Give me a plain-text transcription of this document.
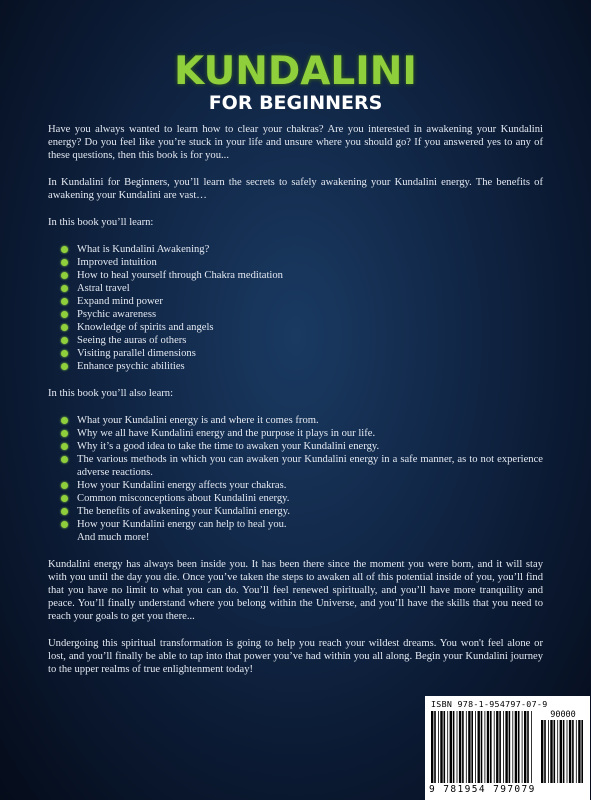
KUNDALINI
FOR BEGINNERS

Have you always wanted to learn how to clear your chakras? Are you interested in awakening your Kundalini energy? Do you feel like you’re stuck in your life and unsure where you should go? If you answered yes to any of these questions, then this book is for you...

In Kundalini for Beginners, you’ll learn the secrets to safely awakening your Kundalini energy. The benefits of awakening your Kundalini are vast…

In this book you’ll learn:

What is Kundalini Awakening?
Improved intuition
How to heal yourself through Chakra meditation
Astral travel
Expand mind power
Psychic awareness
Knowledge of spirits and angels
Seeing the auras of others
Visiting parallel dimensions
Enhance psychic abilities

In this book you’ll also learn:

What your Kundalini energy is and where it comes from.
Why we all have Kundalini energy and the purpose it plays in our life.
Why it’s a good idea to take the time to awaken your Kundalini energy.
The various methods in which you can awaken your Kundalini energy in a safe manner, as to not experience adverse reactions.
How your Kundalini energy affects your chakras.
Common misconceptions about Kundalini energy.
The benefits of awakening your Kundalini energy.
How your Kundalini energy can help to heal you.
And much more!

Kundalini energy has always been inside you. It has been there since the moment you were born, and it will stay with you until the day you die. Once you’ve taken the steps to awaken all of this potential inside of you, you’ll find that you have no limit to what you can do. You’ll feel renewed spiritually, and you’ll have more tranquility and peace. You’ll finally understand where you belong within the Universe, and you’ll have the skills that you need to reach your goals to get you there...

Undergoing this spiritual transformation is going to help you reach your wildest dreams. You won't feel alone or lost, and you’ll finally be able to tap into that power you’ve had within you all along. Begin your Kundalini journey to the upper realms of true enlightenment today!

ISBN 978-1-954797-07-9
90000
9 781954 797079
